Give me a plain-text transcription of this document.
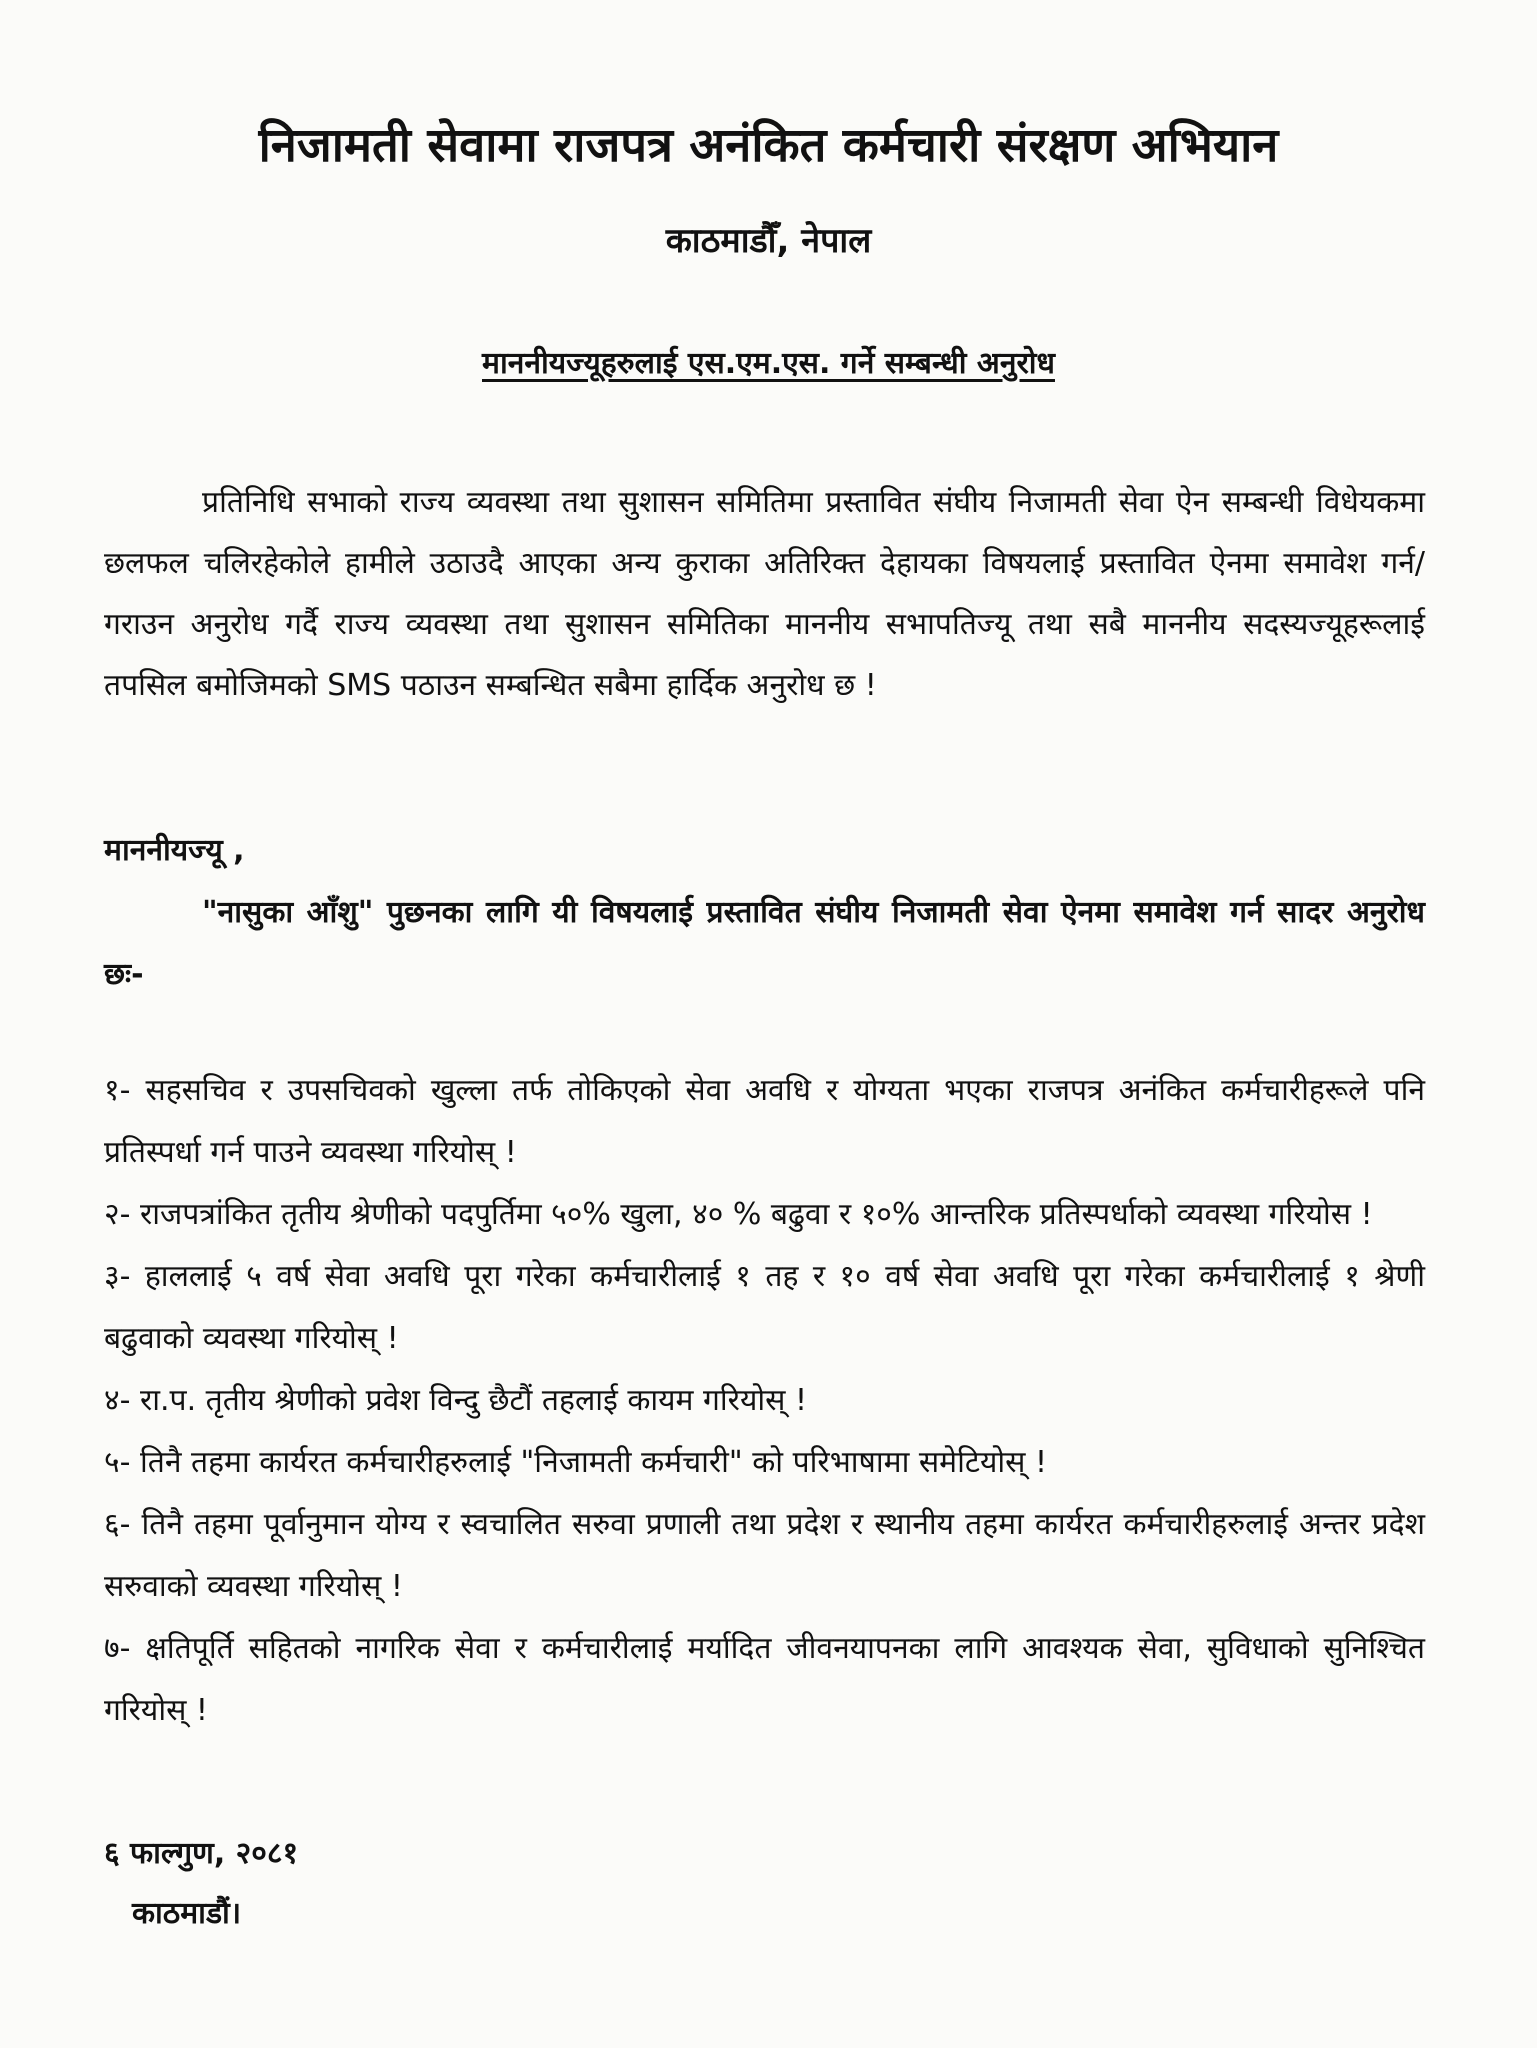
निजामती सेवामा राजपत्र अनंकित कर्मचारी संरक्षण अभियान
काठमाडौँ, नेपाल
माननीयज्यूहरुलाई एस.एम.एस. गर्ने सम्बन्धी अनुरोध

प्रतिनिधि सभाको राज्य व्यवस्था तथा सुशासन समितिमा प्रस्तावित संघीय निजामती सेवा ऐन सम्बन्धी विधेयकमा छलफल चलिरहेकोले हामीले उठाउदै आएका अन्य कुराका अतिरिक्त देहायका विषयलाई प्रस्तावित ऐनमा समावेश गर्न/गराउन अनुरोध गर्दै राज्य व्यवस्था तथा सुशासन समितिका माननीय सभापतिज्यू तथा सबै माननीय सदस्यज्यूहरूलाई तपसिल बमोजिमको SMS पठाउन सम्बन्धित सबैमा हार्दिक अनुरोध छ !

माननीयज्यू ,

"नासुका आँशु" पुछनका लागि यी विषयलाई प्रस्तावित संघीय निजामती सेवा ऐनमा समावेश गर्न सादर अनुरोध छः-

१- सहसचिव र उपसचिवको खुल्ला तर्फ तोकिएको सेवा अवधि र योग्यता भएका राजपत्र अनंकित कर्मचारीहरूले पनि प्रतिस्पर्धा गर्न पाउने व्यवस्था गरियोस् !
२- राजपत्रांकित तृतीय श्रेणीको पदपुर्तिमा ५०% खुला, ४० % बढुवा र १०% आन्तरिक प्रतिस्पर्धाको व्यवस्था गरियोस !
३- हाललाई ५ वर्ष सेवा अवधि पूरा गरेका कर्मचारीलाई १ तह र १० वर्ष सेवा अवधि पूरा गरेका कर्मचारीलाई १ श्रेणी बढुवाको व्यवस्था गरियोस् !
४- रा.प. तृतीय श्रेणीको प्रवेश विन्दु छैटौं तहलाई कायम गरियोस् !
५- तिनै तहमा कार्यरत कर्मचारीहरुलाई "निजामती कर्मचारी" को परिभाषामा समेटियोस् !
६- तिनै तहमा पूर्वानुमान योग्य र स्वचालित सरुवा प्रणाली तथा प्रदेश र स्थानीय तहमा कार्यरत कर्मचारीहरुलाई अन्तर प्रदेश सरुवाको व्यवस्था गरियोस् !
७- क्षतिपूर्ति सहितको नागरिक सेवा र कर्मचारीलाई मर्यादित जीवनयापनका लागि आवश्यक सेवा, सुविधाको सुनिश्चित गरियोस् !
६ फाल्गुण, २०८१
काठमाडौं।
